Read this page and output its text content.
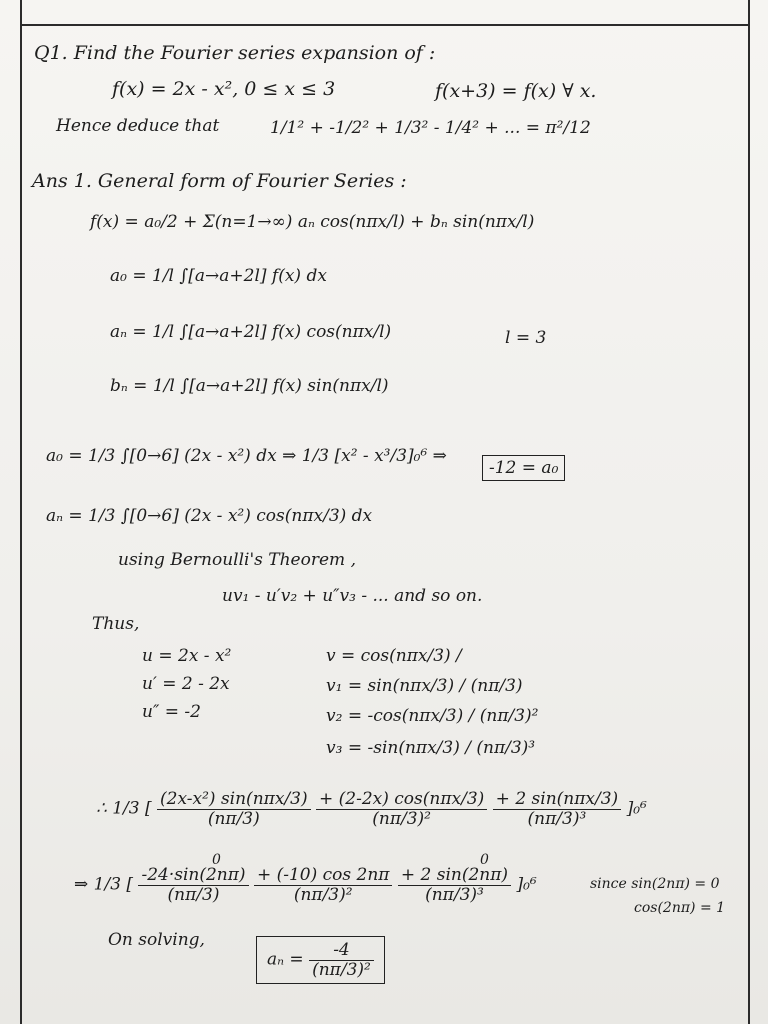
Q1. Find the Fourier series expansion of :
f(x) = 2x - x², 0 ≤ x ≤ 3	f(x+3) = f(x) ∀ x.
Hence deduce that	1/1² + -1/2² + 1/3² - 1/4² + ... = π²/12
Ans 1. General form of Fourier Series :
f(x) = a₀/2 + Σ(n=1→∞) aₙ cos(nπx/l) + bₙ sin(nπx/l)
a₀ = 1/l ∫[a→a+2l] f(x) dx
aₙ = 1/l ∫[a→a+2l] f(x) cos(nπx/l)	l = 3
bₙ = 1/l ∫[a→a+2l] f(x) sin(nπx/l)
a₀ = 1/3 ∫[0→6] (2x - x²) dx ⇒ 1/3 [x² - x³/3]₀⁶ ⇒
-12 = a₀
aₙ = 1/3 ∫[0→6] (2x - x²) cos(nπx/3) dx
using Bernoulli's Theorem ,
uv₁ - u′v₂ + u″v₃ - ... and so on.
Thus,
u = 2x - x²
u′ = 2 - 2x
u″ = -2
v = cos(nπx/3) /
v₁ = sin(nπx/3) / (nπ/3)
v₂ = -cos(nπx/3) / (nπ/3)²
v₃ = -sin(nπx/3) / (nπ/3)³
∴ 1/3 [ $\frac{\text{(2x-x²) sin(nπx/3)}}{(n\pi/3)}$
$\frac{\text{+ (2-2x) cos(nπx/3)}}{\text{(nπ/3)²}}$
$\frac{\text{+ 2 sin(nπx/3)}}{\text{(nπ/3)³}} ]_0^6$
⇒ 1/3 [ $\frac{-24\cdot\sin(2n\pi)}{(n\pi/3)}$
$\frac{+ (-10) \cos 2n\pi}{\text{(nπ/3)²}}$
$\frac{+ 2 \sin(2n\pi)}{\text{(nπ/3)³}} ]_0^6$
0	0
since sin(2nπ) = 0
cos(2nπ) = 1
On solving,
$a_n = \frac{-4}{\text{(nπ/3)²}}$
